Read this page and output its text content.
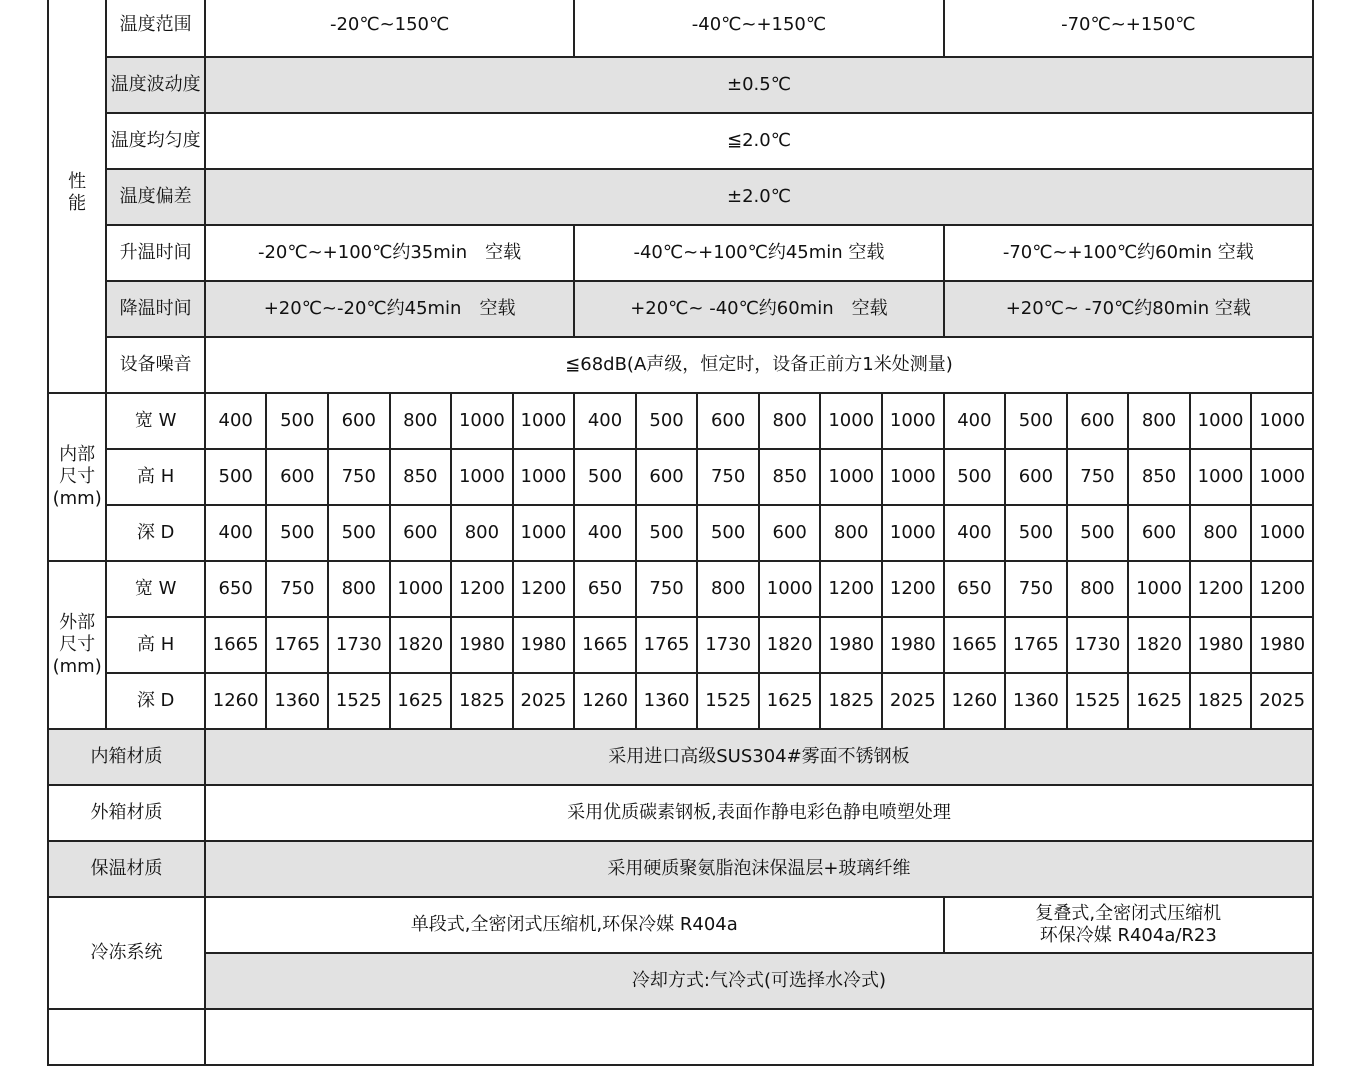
性
能	温度范围	-20℃~150℃						-40℃~+150℃						-70℃~+150℃					
	温度波动度	±0.5℃																	
	温度均匀度	≦2.0℃																	
	温度偏差	±2.0℃																	
	升温时间	-20℃~+100℃约35min　空载						-40℃~+100℃约45min 空载						-70℃~+100℃约60min 空载					
	降温时间	+20℃~-20℃约45min　空载						+20℃~ -40℃约60min　空载						+20℃~ -70℃约80min 空载					
	设备噪音	≦68dB(A声级，恒定时，设备正前方1米处测量)																	
内部
尺寸
(mm)	宽 W	400	500	600	800	1000	1000	400	500	600	800	1000	1000	400	500	600	800	1000	1000
	高 H	500	600	750	850	1000	1000	500	600	750	850	1000	1000	500	600	750	850	1000	1000
	深 D	400	500	500	600	800	1000	400	500	500	600	800	1000	400	500	500	600	800	1000
外部
尺寸
(mm)	宽 W	650	750	800	1000	1200	1200	650	750	800	1000	1200	1200	650	750	800	1000	1200	1200
	高 H	1665	1765	1730	1820	1980	1980	1665	1765	1730	1820	1980	1980	1665	1765	1730	1820	1980	1980
	深 D	1260	1360	1525	1625	1825	2025	1260	1360	1525	1625	1825	2025	1260	1360	1525	1625	1825	2025
内箱材质		采用进口高级SUS304#雾面不锈钢板																	
外箱材质		采用优质碳素钢板,表面作静电彩色静电喷塑处理																	
保温材质		采用硬质聚氨脂泡沫保温层+玻璃纤维																	
冷冻系统		单段式,全密闭式压缩机,环保冷媒 R404a												复叠式,全密闭式压缩机
环保冷媒 R404a/R23					
		冷却方式:气冷式(可选择水冷式)																	
